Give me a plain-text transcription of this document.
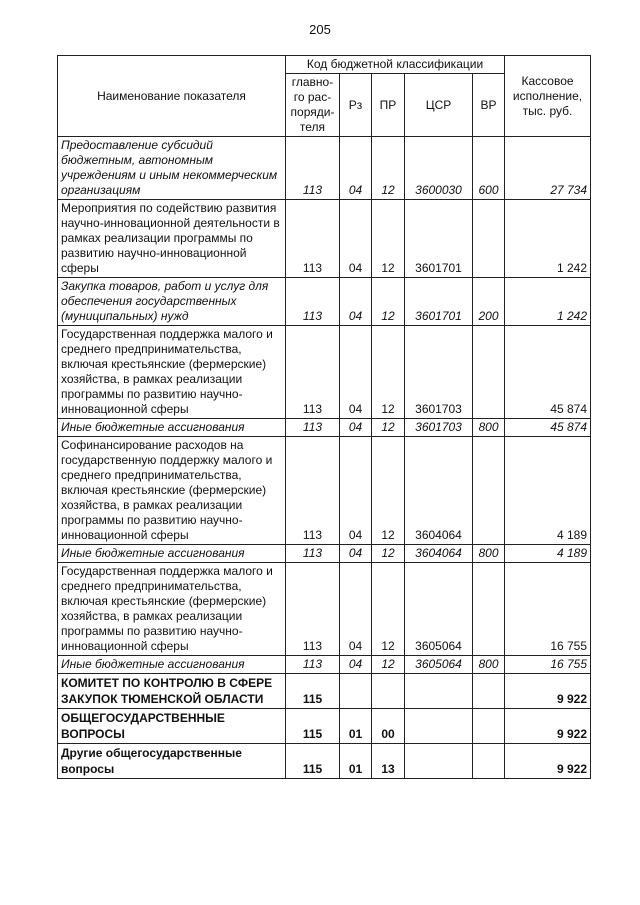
205
Наименование показателя	Код бюджетной классификации					Кассовое исполнение, тыс. руб.
	главно-го рас-поряди-теля	Рз	ПР	ЦСР	ВР	
Предоставление субсидий бюджетным, автономным учреждениям и иным некоммерческим организациям	113	04	12	3600030	600	27 734
Мероприятия по содействию развития научно-инновационной деятельности в рамках реализации программы по развитию научно-инновационной сферы	113	04	12	3601701		1 242
Закупка товаров, работ и услуг для обеспечения государственных (муниципальных) нужд	113	04	12	3601701	200	1 242
Государственная поддержка малого и среднего предпринимательства, включая крестьянские (фермерские) хозяйства, в рамках реализации программы по развитию научно-инновационной сферы	113	04	12	3601703		45 874
Иные бюджетные ассигнования	113	04	12	3601703	800	45 874
Софинансирование расходов на государственную поддержку малого и среднего предпринимательства, включая крестьянские (фермерские) хозяйства, в рамках реализации программы по развитию научно-инновационной сферы	113	04	12	3604064		4 189
Иные бюджетные ассигнования	113	04	12	3604064	800	4 189
Государственная поддержка малого и среднего предпринимательства, включая крестьянские (фермерские) хозяйства, в рамках реализации программы по развитию научно-инновационной сферы	113	04	12	3605064		16 755
Иные бюджетные ассигнования	113	04	12	3605064	800	16 755
КОМИТЕТ ПО КОНТРОЛЮ В СФЕРЕ ЗАКУПОК ТЮМЕНСКОЙ ОБЛАСТИ	115					9 922
ОБЩЕГОСУДАРСТВЕННЫЕ ВОПРОСЫ	115	01	00			9 922
Другие общегосударственные вопросы	115	01	13			9 922
